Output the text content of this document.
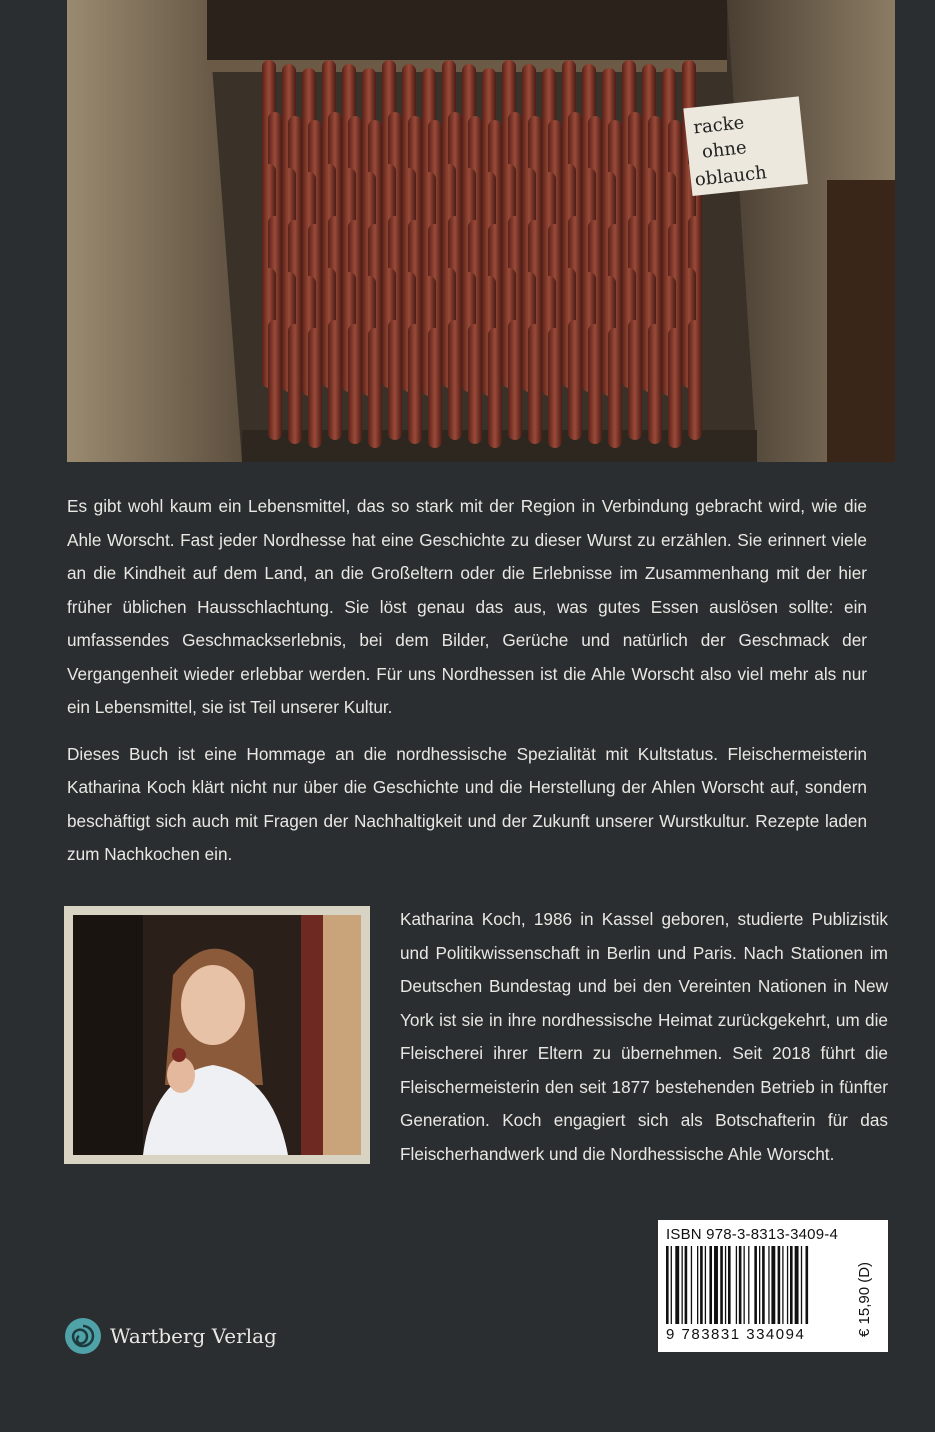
racke
ohne
oblauch

Es gibt wohl kaum ein Lebensmittel, das so stark mit der Region in Verbindung gebracht wird, wie die Ahle Worscht. Fast jeder Nordhesse hat eine Geschichte zu dieser Wurst zu erzählen. Sie erinnert viele an die Kindheit auf dem Land, an die Großeltern oder die Erlebnisse im Zusammenhang mit der hier früher üblichen Hausschlachtung. Sie löst genau das aus, was gutes Essen auslösen sollte: ein umfassendes Geschmackserlebnis, bei dem Bilder, Gerüche und natürlich der Geschmack der Vergangenheit wieder erlebbar werden. Für uns Nordhessen ist die Ahle Worscht also viel mehr als nur ein Lebensmittel, sie ist Teil unserer Kultur.

Dieses Buch ist eine Hommage an die nordhessische Spezialität mit Kultstatus. Fleischermeisterin Katharina Koch klärt nicht nur über die Geschichte und die Herstellung der Ahlen Worscht auf, sondern beschäftigt sich auch mit Fragen der Nachhaltigkeit und der Zukunft unserer Wurstkultur. Rezepte laden zum Nachkochen ein.

Katharina Koch, 1986 in Kassel geboren, studierte Publizistik und Politikwissenschaft in Berlin und Paris. Nach Stationen im Deutschen Bundestag und bei den Vereinten Nationen in New York ist sie in ihre nordhessische Heimat zurückgekehrt, um die Fleischerei ihrer Eltern zu übernehmen. Seit 2018 führt die Fleischermeisterin den seit 1877 bestehenden Betrieb in fünfter Generation. Koch engagiert sich als Botschafterin für das Fleischerhandwerk und die Nordhessische Ahle Worscht.
Wartberg Verlag
ISBN 978-3-8313-3409-4
9 783831 334094	€ 15,90 (D)
